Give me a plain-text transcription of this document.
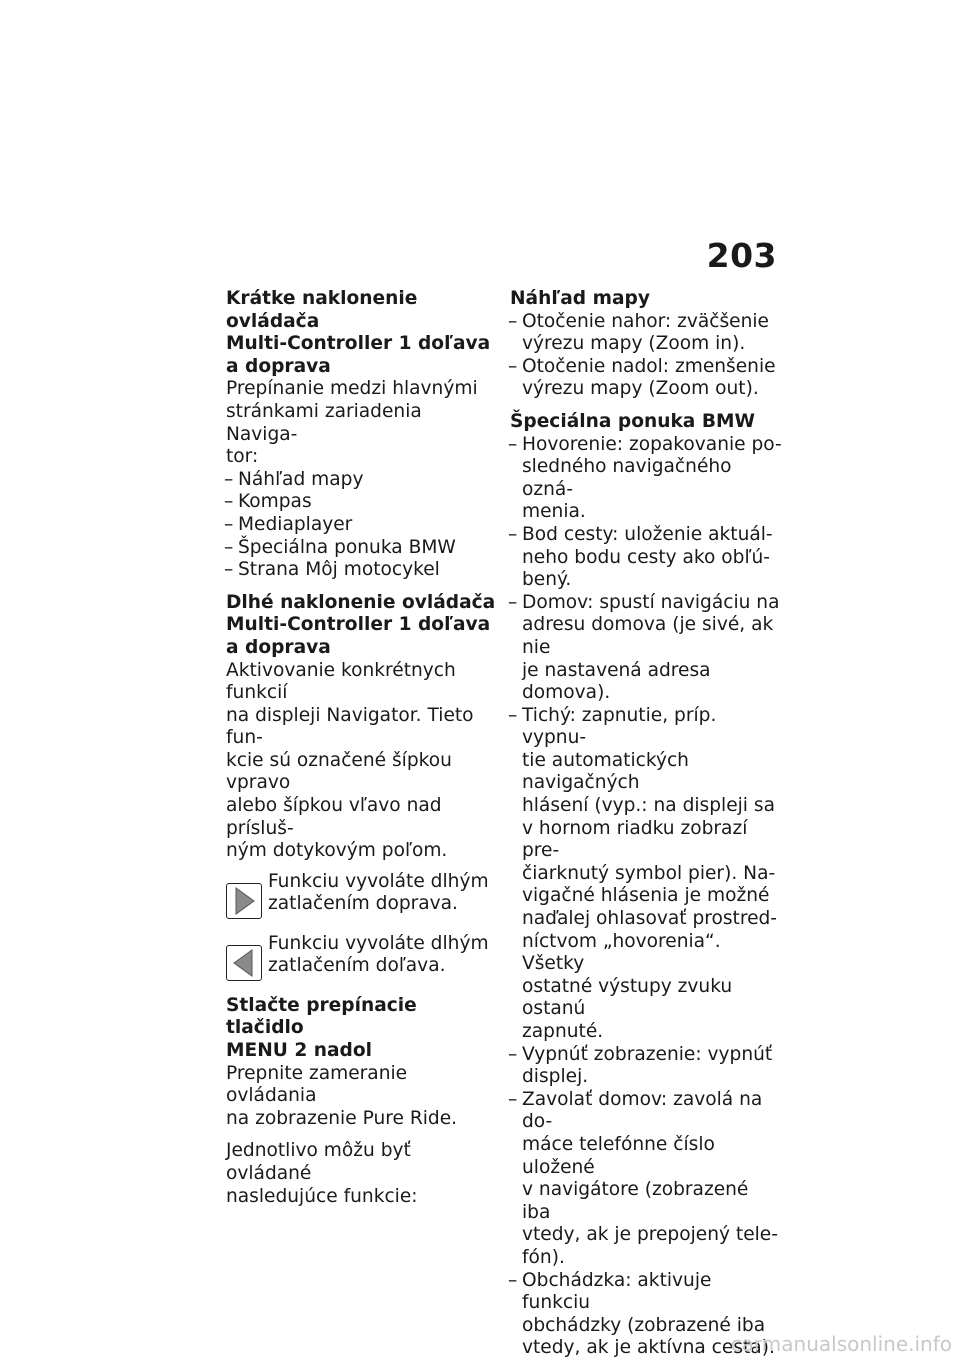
203
Krátke naklonenie ovládača
Multi-Controller 1 doľava
a doprava
Prepínanie medzi hlavnými
stránkami zariadenia Naviga-
tor:
– Náhľad mapy
– Kompas
– Mediaplayer
– Špeciálna ponuka BMW
– Strana Môj motocykel
Dlhé naklonenie ovládača
Multi-Controller 1 doľava
a doprava
Aktivovanie konkrétnych funkcií
na displeji Navigator. Tieto fun-
kcie sú označené šípkou vpravo
alebo šípkou vľavo nad prísluš-
ným dotykovým poľom.
Funkciu vyvoláte dlhým
zatlačením doprava.
Funkciu vyvoláte dlhým
zatlačením doľava.
Stlačte prepínacie tlačidlo
MENU 2 nadol
Prepnite zameranie ovládania
na zobrazenie Pure Ride.
Jednotlivo môžu byť ovládané
nasledujúce funkcie:
Náhľad mapy
– Otočenie nahor: zväčšenie
výrezu mapy (Zoom in).
– Otočenie nadol: zmenšenie
výrezu mapy (Zoom out).
Špeciálna ponuka BMW
– Hovorenie: zopakovanie po-
sledného navigačného ozná-
menia.
– Bod cesty: uloženie aktuál-
neho bodu cesty ako obľú-
bený.
– Domov: spustí navigáciu na
adresu domova (je sivé, ak nie
je nastavená adresa domova).
– Tichý: zapnutie, príp. vypnu-
tie automatických navigačných
hlásení (vyp.: na displeji sa
v hornom riadku zobrazí pre-
čiarknutý symbol pier). Na-
vigačné hlásenia je možné
naďalej ohlasovať prostred-
níctvom „hovorenia“. Všetky
ostatné výstupy zvuku ostanú
zapnuté.
– Vypnúť zobrazenie: vypnúť
displej.
– Zavolať domov: zavolá na do-
máce telefónne číslo uložené
v navigátore (zobrazené iba
vtedy, ak je prepojený tele-
fón).
– Obchádzka: aktivuje funkciu
obchádzky (zobrazené iba
vtedy, ak je aktívna cesta).
carmanualsonline.info
